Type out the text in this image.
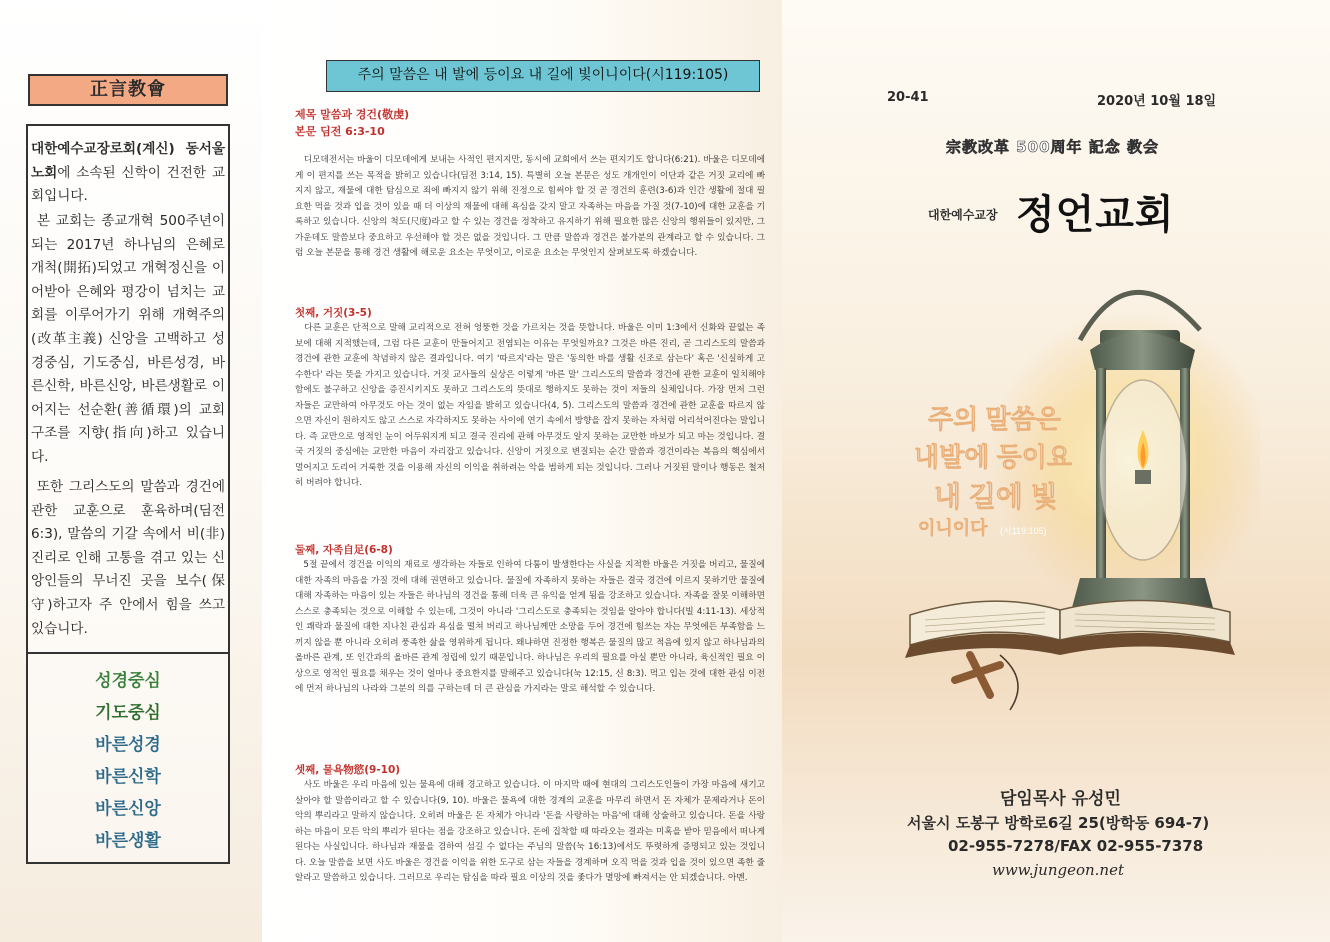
正言教會

대한예수교장로회(계신) 동서울 노회에 소속된 신학이 건전한 교회입니다.

본 교회는 종교개혁 500주년이 되는 2017년 하나님의 은혜로 개척(開拓)되었고 개혁정신을 이어받아 은혜와 평강이 넘치는 교회를 이루어가기 위해 개혁주의(改革主義) 신앙을 고백하고 성경중심, 기도중심, 바른성경, 바른신학, 바른신앙, 바른생활로 이어지는 선순환(善循環)의 교회 구조를 지향(指向)하고 있습니다.

또한 그리스도의 말씀과 경건에 관한 교훈으로 훈육하며(딤전 6:3), 말씀의 기갈 속에서 비(非) 진리로 인해 고통을 겪고 있는 신앙인들의 무너진 곳을 보수(保守)하고자 주 안에서 힘을 쓰고 있습니다.

성경중심
기도중심
바른성경
바른신학
바른신앙
바른생활
주의 말씀은 내 발에 등이요 내 길에 빛이니이다(시119:105)
제목 말씀과 경건(敬虔)
본문 딤전 6:3-10

디모데전서는 바울이 디모데에게 보내는 사적인 편지지만, 동시에 교회에서 쓰는 편지기도 합니다(6:21). 바울은 디모데에게 이 편지를 쓰는 목적을 밝히고 있습니다(딤전 3:14, 15). 특별히 오늘 본문은 성도 개개인이 이단과 같은 거짓 교리에 빠지지 않고, 재물에 대한 탐심으로 죄에 빠지지 않기 위해 진정으로 힘써야 할 것 곧 경건의 훈련(3-6)과 인간 생활에 절대 필요한 먹을 것과 입을 것이 있을 때 더 이상의 재물에 대해 욕심을 갖지 말고 자족하는 마음을 가질 것(7-10)에 대한 교훈을 기록하고 있습니다. 신앙의 척도(尺度)라고 할 수 있는 경건을 정착하고 유지하기 위해 필요한 많은 신앙의 행위들이 있지만, 그 가운데도 말씀보다 중요하고 우선해야 할 것은 없을 것입니다. 그 만큼 말씀과 경건은 불가분의 관계라고 할 수 있습니다. 그럼 오늘 본문을 통해 경건 생활에 해로운 요소는 무엇이고, 이로운 요소는 무엇인지 살펴보도록 하겠습니다.

첫째, 거짓(3-5)

다른 교훈은 단적으로 말해 교리적으로 전혀 엉뚱한 것을 가르치는 것을 뜻합니다. 바울은 이미 1:3에서 신화와 끝없는 족보에 대해 지적했는데, 그럼 다른 교훈이 만들어지고 전염되는 이유는 무엇일까요? 그것은 바른 진리, 곧 그리스도의 말씀과 경건에 관한 교훈에 착념하지 않은 결과입니다. 여기 '따르지'라는 말은 '동의한 바를 생활 신조로 삼는다' 혹은 '신실하게 고수한다' 라는 뜻을 가지고 있습니다. 거짓 교사들의 실상은 이렇게 '바른 말' 그리스도의 말씀과 경건에 관한 교훈이 일치해야 함에도 불구하고 신앙을 증진시키지도 못하고 그리스도의 뜻대로 행하지도 못하는 것이 저들의 실체입니다. 가장 먼저 그런 자들은 교만하여 아무것도 아는 것이 없는 자임을 밝히고 있습니다(4, 5). 그리스도의 말씀과 경건에 관한 교훈을 따르지 않으면 자신이 원하지도 않고 스스로 자각하지도 못하는 사이에 연기 속에서 방향을 잡지 못하는 자처럼 어리석어진다는 말입니다. 즉 교만으로 영적인 눈이 어두워지게 되고 결국 진리에 관해 아무것도 알지 못하는 교만한 바보가 되고 마는 것입니다. 결국 거짓의 중심에는 교만한 마음이 자리잡고 있습니다. 신앙이 거짓으로 변질되는 순간 말씀과 경건이라는 복음의 핵심에서 멀어지고 도리어 거룩한 것을 이용해 자신의 이익을 취하려는 악을 범하게 되는 것입니다. 그러나 거짓된 말이나 행동은 철저히 버려야 합니다.

둘째, 자족自足(6-8)

5절 끝에서 경건을 이익의 재료로 생각하는 자들로 인하여 다툼이 발생한다는 사실을 지적한 바울은 거짓을 버리고, 물질에 대한 자족의 마음을 가질 것에 대해 권면하고 있습니다. 물질에 자족하지 못하는 자들은 결국 경건에 이르지 못하기만 물질에 대해 자족하는 마음이 있는 자들은 하나님의 경건을 통해 더욱 큰 유익을 얻게 됨을 강조하고 있습니다. 자족을 잘못 이해하면 스스로 충족되는 것으로 이해할 수 있는데, 그것이 아니라 '그리스도로 충족되는 것임을 알아야 합니다(빌 4:11-13). 세상적인 쾌락과 물질에 대한 지나친 관심과 욕심을 떨쳐 버리고 하나님께만 소망을 두어 경건에 힘쓰는 자는 무엇에든 부족함을 느끼지 않을 뿐 아니라 오히려 풍족한 삶을 영위하게 됩니다. 왜냐하면 진정한 행복은 물질의 많고 적음에 있지 않고 하나님과의 올바른 관계, 또 인간과의 올바른 관계 정립에 있기 때문입니다. 하나님은 우리의 필요를 아실 뿐만 아니라, 육신적인 필요 이상으로 영적인 필요를 채우는 것이 얼마나 중요한지를 말해주고 있습니다(눅 12:15, 신 8:3). 먹고 입는 것에 대한 관심 이전에 먼저 하나님의 나라와 그분의 의를 구하는데 더 큰 관심을 가지라는 말로 해석할 수 있습니다.

셋째, 물욕物慾(9-10)

사도 바울은 우리 마음에 있는 물욕에 대해 경고하고 있습니다. 이 마지막 때에 현대의 그리스도인들이 가장 마음에 새기고 살아야 할 말씀이라고 할 수 있습니다(9, 10). 바울은 물욕에 대한 경계의 교훈을 마무리 하면서 돈 자체가 문제라거나 돈이 악의 뿌리라고 말하지 않습니다. 오히려 바울은 돈 자체가 아니라 '돈을 사랑하는 마음'에 대해 상술하고 있습니다. 돈을 사랑하는 마음이 모든 악의 뿌리가 된다는 점을 강조하고 있습니다. 돈에 집착할 때 따라오는 결과는 미혹을 받아 믿음에서 떠나게 된다는 사실입니다. 하나님과 재물을 겸하여 섬길 수 없다는 주님의 말씀(눅 16:13)에서도 뚜렷하게 증명되고 있는 것입니다. 오늘 말씀을 보면 사도 바울은 경건을 이익을 위한 도구로 삼는 자들을 경계하며 오직 먹을 것과 입을 것이 있으면 족한 줄 알라고 말씀하고 있습니다. 그러므로 우리는 탐심을 따라 필요 이상의 것을 좇다가 멸망에 빠져서는 안 되겠습니다. 아멘.

20-41	2020년 10월 18일
宗教改革 500周年 記念 教会
대한예수교장 정언교회
주의 말씀은
내발에 등이요
내 길에 빛
이니이다 (시119:105)
담임목사 유성민
서울시 도봉구 방학로6길 25(방학동 694-7)
02-955-7278/FAX 02-955-7378
www.jungeon.net
